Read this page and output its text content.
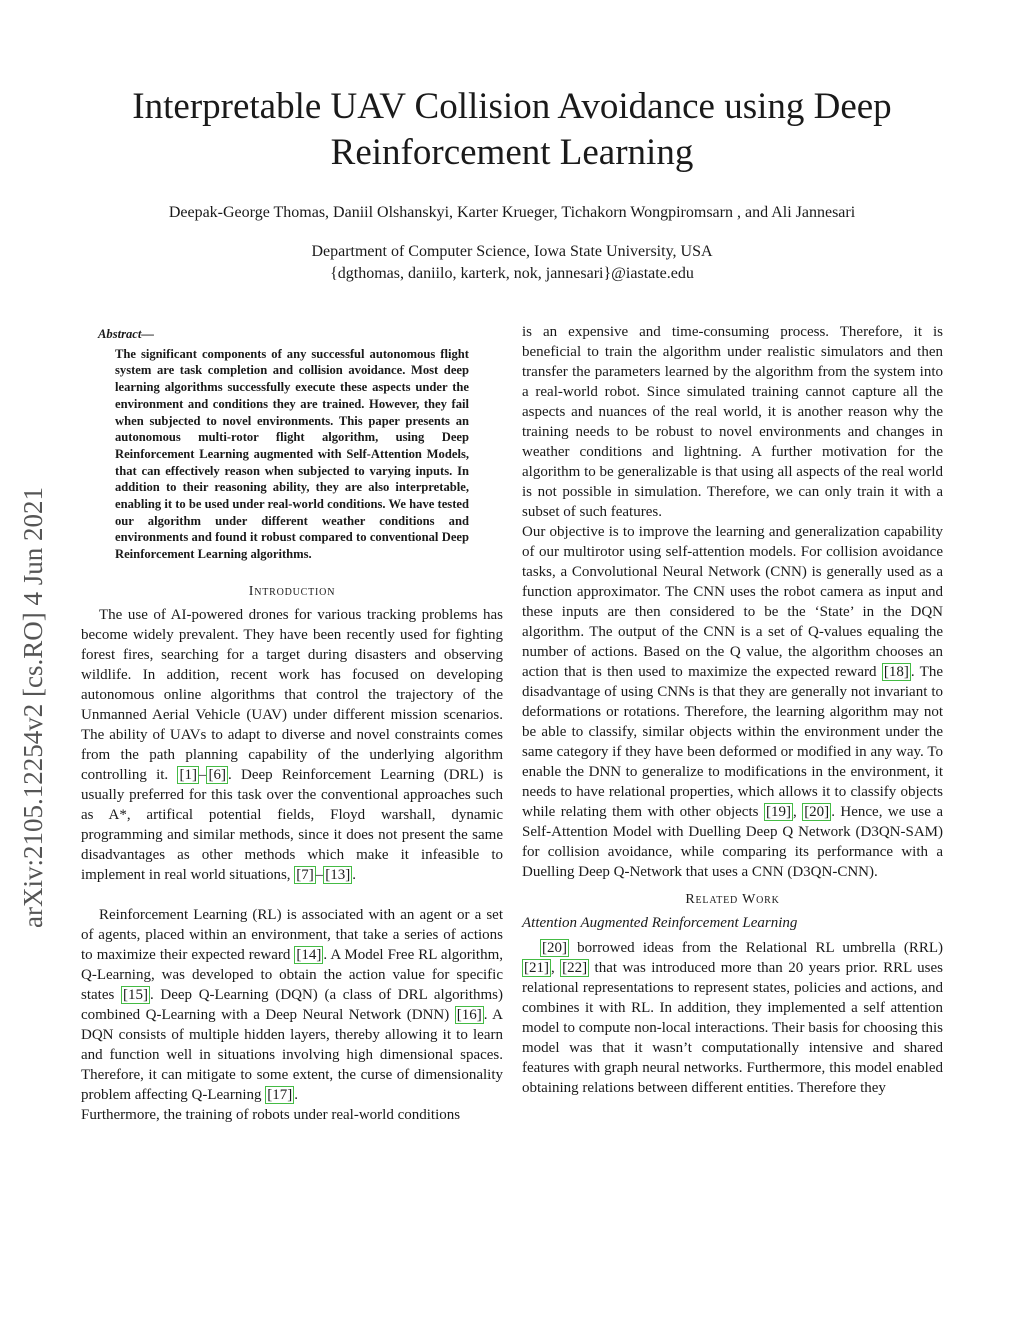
Interpretable UAV Collision Avoidance using Deep Reinforcement Learning
Deepak-George Thomas, Daniil Olshanskyi, Karter Krueger, Tichakorn Wongpiromsarn , and Ali Jannesari
Department of Computer Science, Iowa State University, USA
{dgthomas, daniilo, karterk, nok, jannesari}@iastate.edu
arXiv:2105.12254v2 [cs.RO] 4 Jun 2021
Abstract—
The significant components of any successful autonomous flight system are task completion and collision avoidance. Most deep learning algorithms successfully execute these aspects under the environment and conditions they are trained. However, they fail when subjected to novel environments. This paper presents an autonomous multi-rotor flight algorithm, using Deep Reinforcement Learning augmented with Self-Attention Models, that can effectively reason when subjected to varying inputs. In addition to their reasoning ability, they are also interpretable, enabling it to be used under real-world conditions. We have tested our algorithm under different weather conditions and environments and found it robust compared to conventional Deep Reinforcement Learning algorithms.
Introduction

The use of AI-powered drones for various tracking problems has become widely prevalent. They have been recently used for fighting forest fires, searching for a target during disasters and observing wildlife. In addition, recent work has focused on developing autonomous online algorithms that control the trajectory of the Unmanned Aerial Vehicle (UAV) under different mission scenarios. The ability of UAVs to adapt to diverse and novel constraints comes from the path planning capability of the underlying algorithm controlling it. [1] – [6] . Deep Reinforcement Learning (DRL) is usually preferred for this task over the conventional approaches such as A*, artifical potential fields, Floyd warshall, dynamic programming and similar methods, since it does not present the same disadvantages as other methods which make it infeasible to implement in real world situations, [7] – [13] .

Reinforcement Learning (RL) is associated with an agent or a set of agents, placed within an environment, that take a series of actions to maximize their expected reward [14] . A Model Free RL algorithm, Q-Learning, was developed to obtain the action value for specific states [15] . Deep Q-Learning (DQN) (a class of DRL algorithms) combined Q-Learning with a Deep Neural Network (DNN) [16] . A DQN consists of multiple hidden layers, thereby allowing it to learn and function well in situations involving high dimensional spaces. Therefore, it can mitigate to some extent, the curse of dimensionality problem affecting Q-Learning [17] .

Furthermore, the training of robots under real-world conditions

is an expensive and time-consuming process. Therefore, it is beneficial to train the algorithm under realistic simulators and then transfer the parameters learned by the algorithm from the system into a real-world robot. Since simulated training cannot capture all the aspects and nuances of the real world, it is another reason why the training needs to be robust to novel environments and changes in weather conditions and lightning. A further motivation for the algorithm to be generalizable is that using all aspects of the real world is not possible in simulation. Therefore, we can only train it with a subset of such features.

Our objective is to improve the learning and generalization capability of our multirotor using self-attention models. For collision avoidance tasks, a Convolutional Neural Network (CNN) is generally used as a function approximator. The CNN uses the robot camera as input and these inputs are then considered to be the ‘State’ in the DQN algorithm. The output of the CNN is a set of Q-values equaling the number of actions. Based on the Q value, the algorithm chooses an action that is then used to maximize the expected reward [18] . The disadvantage of using CNNs is that they are generally not invariant to deformations or rotations. Therefore, the learning algorithm may not be able to classify, similar objects within the environment under the same category if they have been deformed or modified in any way. To enable the DNN to generalize to modifications in the environment, it needs to have relational properties, which allows it to classify objects while relating them with other objects [19] , [20] . Hence, we use a Self-Attention Model with Duelling Deep Q Network (D3QN-SAM) for collision avoidance, while comparing its performance with a Duelling Deep Q-Network that uses a CNN (D3QN-CNN).

Related Work

Attention Augmented Reinforcement Learning

[20] borrowed ideas from the Relational RL umbrella (RRL) [21] , [22] that was introduced more than 20 years prior. RRL uses relational representations to represent states, policies and actions, and combines it with RL. In addition, they implemented a self attention model to compute non-local interactions. Their basis for choosing this model was that it wasn’t computationally intensive and shared features with graph neural networks. Furthermore, this model enabled obtaining relations between different entities. Therefore they
